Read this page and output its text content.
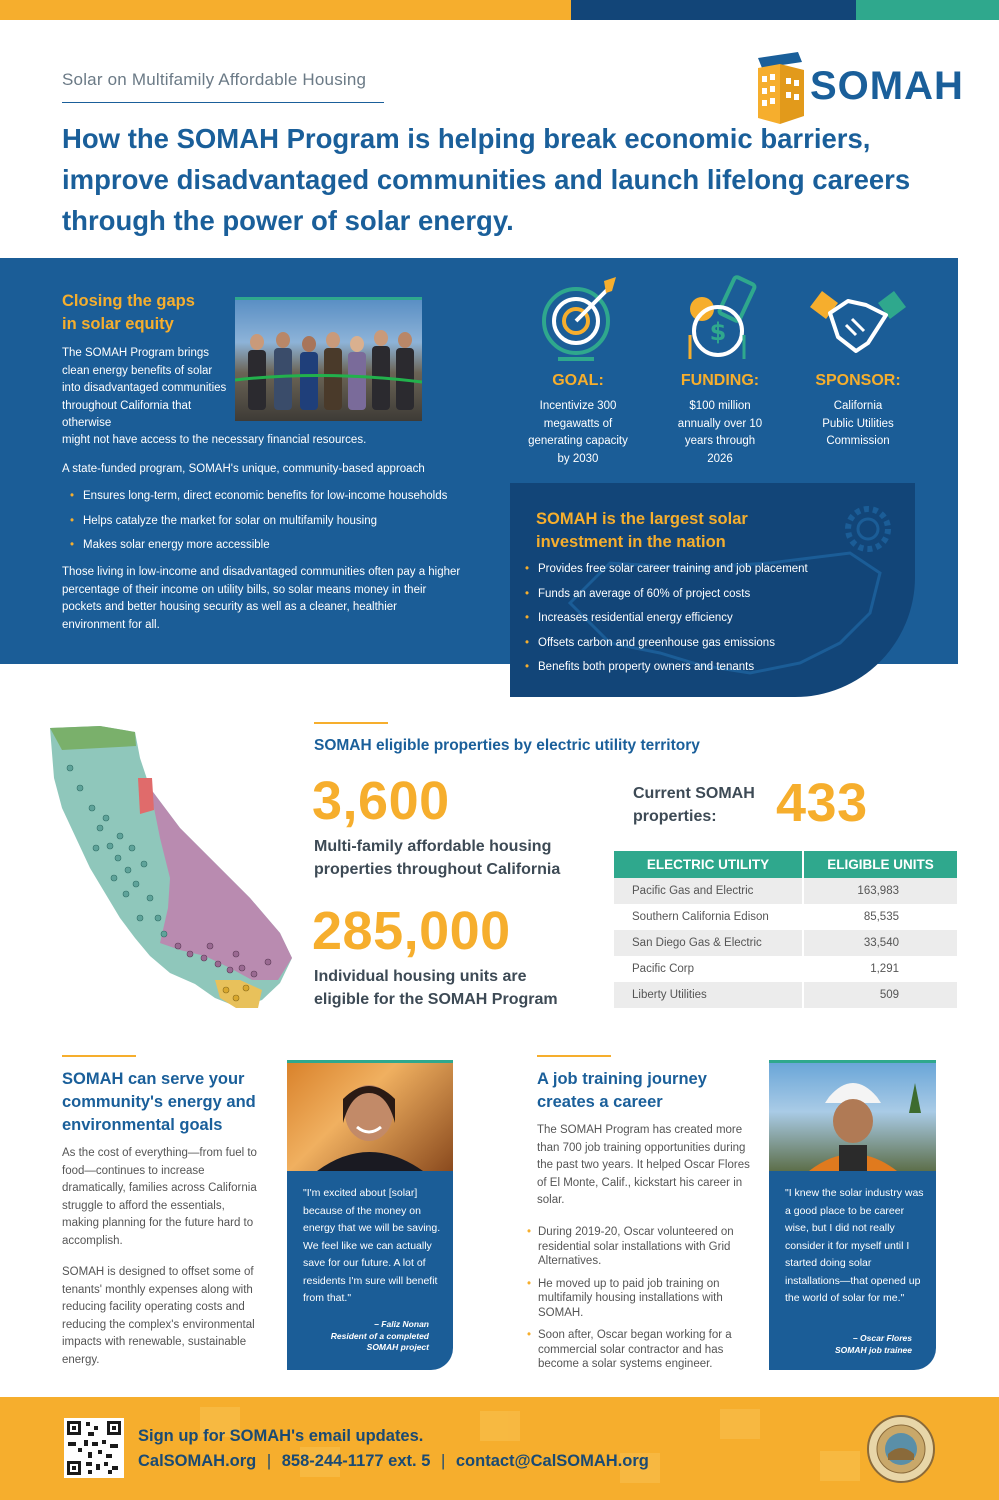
Solar on Multifamily Affordable Housing
How the SOMAH Program is helping break economic barriers, improve disadvantaged communities and launch lifelong careers through the power of solar energy.
SOMAH
Closing the gaps
in solar equity
The SOMAH Program brings clean energy benefits of solar into disadvantaged communities throughout California that otherwise
might not have access to the necessary financial resources.
A state-funded program, SOMAH's unique, community-based approach
• Ensures long-term, direct economic benefits for low-income households
• Helps catalyze the market for solar on multifamily housing
• Makes solar energy more accessible
Those living in low-income and disadvantaged communities often pay a higher percentage of their income on utility bills, so solar means money in their pockets and better housing security as well as a cleaner, healthier environment for all.
$
GOAL:
Incentivize 300 megawatts of generating capacity by 2030
FUNDING:
$100 million annually over 10 years through 2026
SPONSOR:
California Public Utilities Commission
SOMAH is the largest solar
investment in the nation
• Provides free solar career training and job placement
• Funds an average of 60% of project costs
• Increases residential energy efficiency
• Offsets carbon and greenhouse gas emissions
• Benefits both property owners and tenants
SOMAH eligible properties by electric utility territory
3,600
Multi-family affordable housing
properties throughout California
285,000
Individual housing units are
eligible for the SOMAH Program
Current SOMAH
properties:	433
ELECTRIC UTILITY	ELIGIBLE UNITS
Pacific Gas and Electric	163,983
Southern California Edison	85,535
San Diego Gas & Electric	33,540
Pacific Corp	1,291
Liberty Utilities	509
SOMAH can serve your
community's energy and
environmental goals
As the cost of everything—from fuel to food—continues to increase dramatically, families across California struggle to afford the essentials, making planning for the future hard to accomplish.
SOMAH is designed to offset some of tenants' monthly expenses along with reducing facility operating costs and reducing the complex's environmental impacts with renewable, sustainable energy.
"I'm excited about [solar] because of the money on energy that we will be saving. We feel like we can actually save for our future. A lot of residents I'm sure will benefit from that."
– Faliz Nonan
Resident of a completed
SOMAH project
A job training journey
creates a career
The SOMAH Program has created more than 700 job training opportunities during the past two years. It helped Oscar Flores of El Monte, Calif., kickstart his career in solar.
• During 2019-20, Oscar volunteered on residential solar installations with Grid Alternatives.
• He moved up to paid job training on multifamily housing installations with SOMAH.
• Soon after, Oscar began working for a commercial solar contractor and has become a solar systems engineer.
"I knew the solar industry was a good place to be career wise, but I did not really consider it for myself until I started doing solar installations—that opened up the world of solar for me."
– Oscar Flores
SOMAH job trainee
Sign up for SOMAH's email updates.
CalSOMAH.org | 858-244-1177 ext. 5 | contact@CalSOMAH.org
